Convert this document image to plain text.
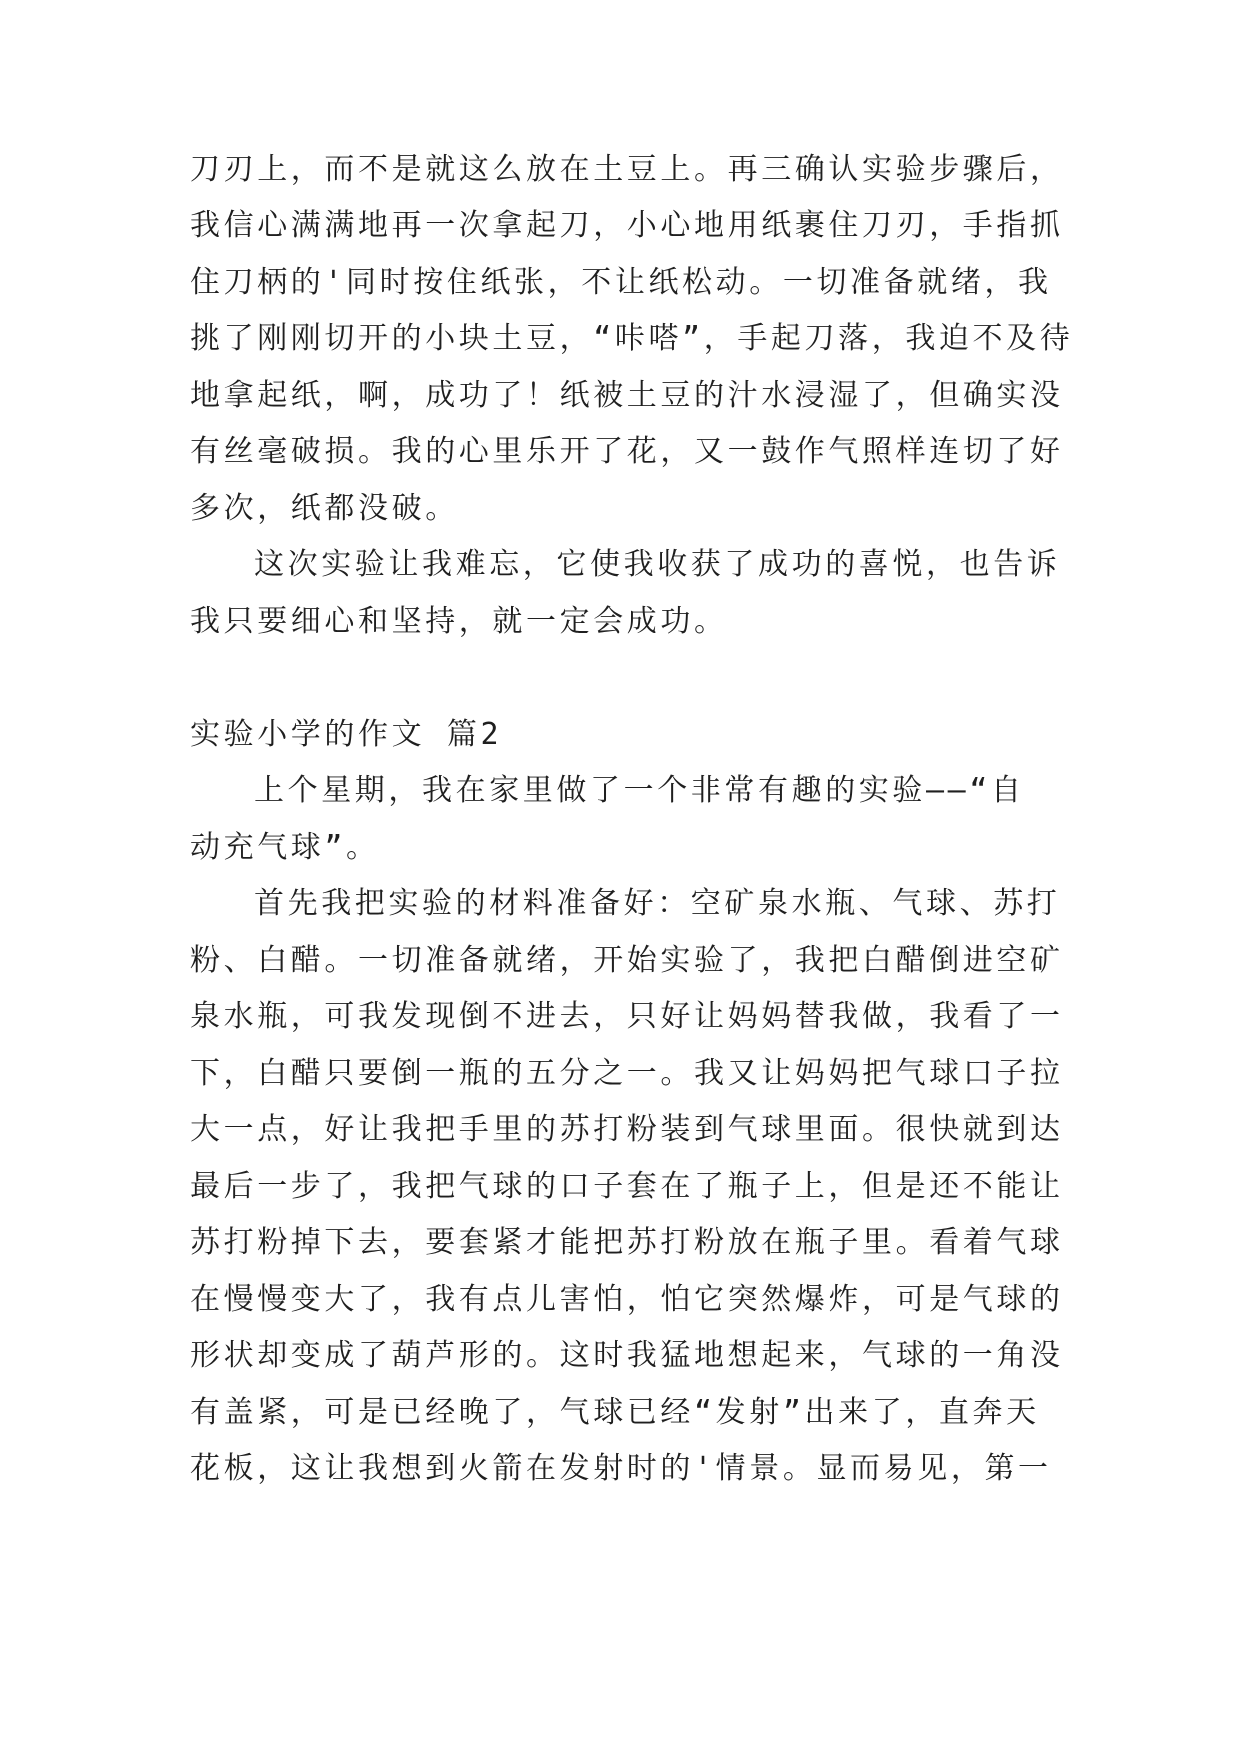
刀刃上，而不是就这么放在土豆上。再三确认实验步骤后，

我信心满满地再一次拿起刀，小心地用纸裹住刀刃，手指抓

住刀柄的'同时按住纸张，不让纸松动。一切准备就绪，我

挑了刚刚切开的小块土豆，“咔嗒”，手起刀落，我迫不及待

地拿起纸，啊，成功了！纸被土豆的汁水浸湿了，但确实没

有丝毫破损。我的心里乐开了花，又一鼓作气照样连切了好

多次，纸都没破。

这次实验让我难忘，它使我收获了成功的喜悦，也告诉

我只要细心和坚持，就一定会成功。

实验小学的作文 篇2

上个星期，我在家里做了一个非常有趣的实验——“自

动充气球”。

首先我把实验的材料准备好：空矿泉水瓶、气球、苏打

粉、白醋。一切准备就绪，开始实验了，我把白醋倒进空矿

泉水瓶，可我发现倒不进去，只好让妈妈替我做，我看了一

下，白醋只要倒一瓶的五分之一。我又让妈妈把气球口子拉

大一点，好让我把手里的苏打粉装到气球里面。很快就到达

最后一步了，我把气球的口子套在了瓶子上，但是还不能让

苏打粉掉下去，要套紧才能把苏打粉放在瓶子里。看着气球

在慢慢变大了，我有点儿害怕，怕它突然爆炸，可是气球的

形状却变成了葫芦形的。这时我猛地想起来，气球的一角没

有盖紧，可是已经晚了，气球已经“发射”出来了，直奔天

花板，这让我想到火箭在发射时的'情景。显而易见，第一
